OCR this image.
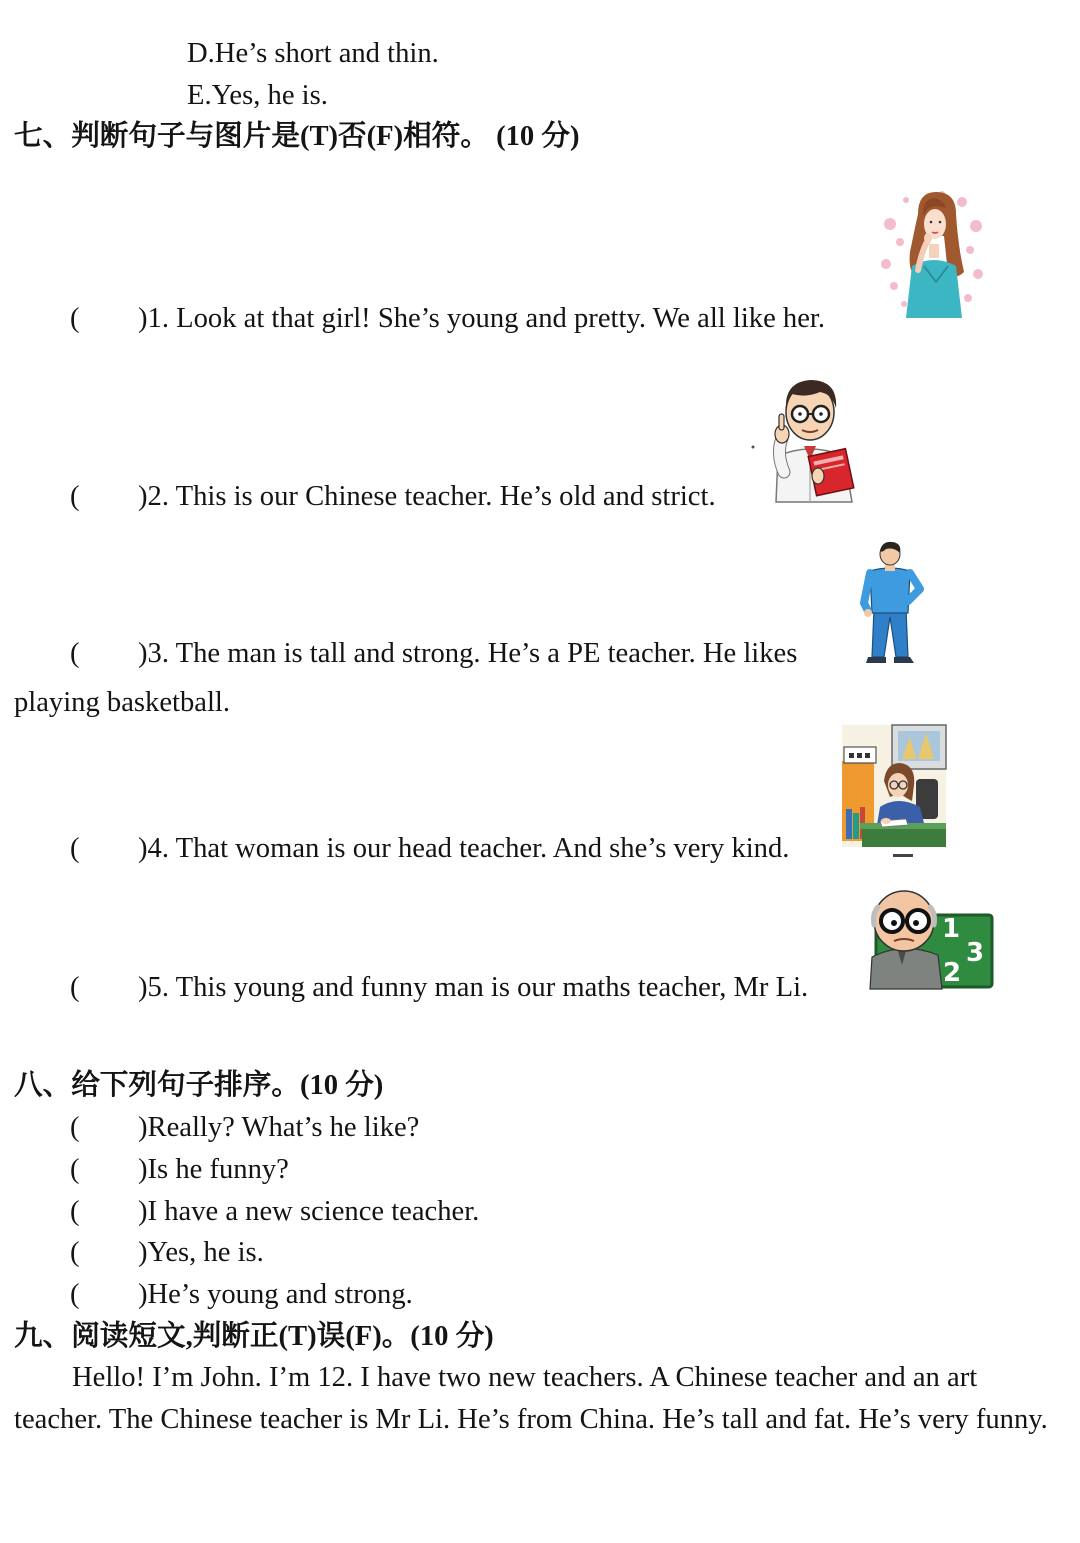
D.He’s short and thin.
E.Yes, he is.
七、判断句子与图片是(T)否(F)相符。 (10 分)
( )1. Look at that girl! She’s young and pretty. We all like her.
( )2. This is our Chinese teacher. He’s old and strict.
( )3. The man is tall and strong. He’s a PE teacher. He likes
playing basketball.
( )4. That woman is our head teacher. And she’s very kind.
( )5. This young and funny man is our maths teacher, Mr Li.
1
3
2
八、给下列句子排序。(10 分)
( )Really? What’s he like?
( )Is he funny?
( )I have a new science teacher.
( )Yes, he is.
( )He’s young and strong.
九、阅读短文,判断正(T)误(F)。(10 分)
Hello! I’m John. I’m 12. I have two new teachers. A Chinese teacher and an art
teacher. The Chinese teacher is Mr Li. He’s from China. He’s tall and fat. He’s very funny.
